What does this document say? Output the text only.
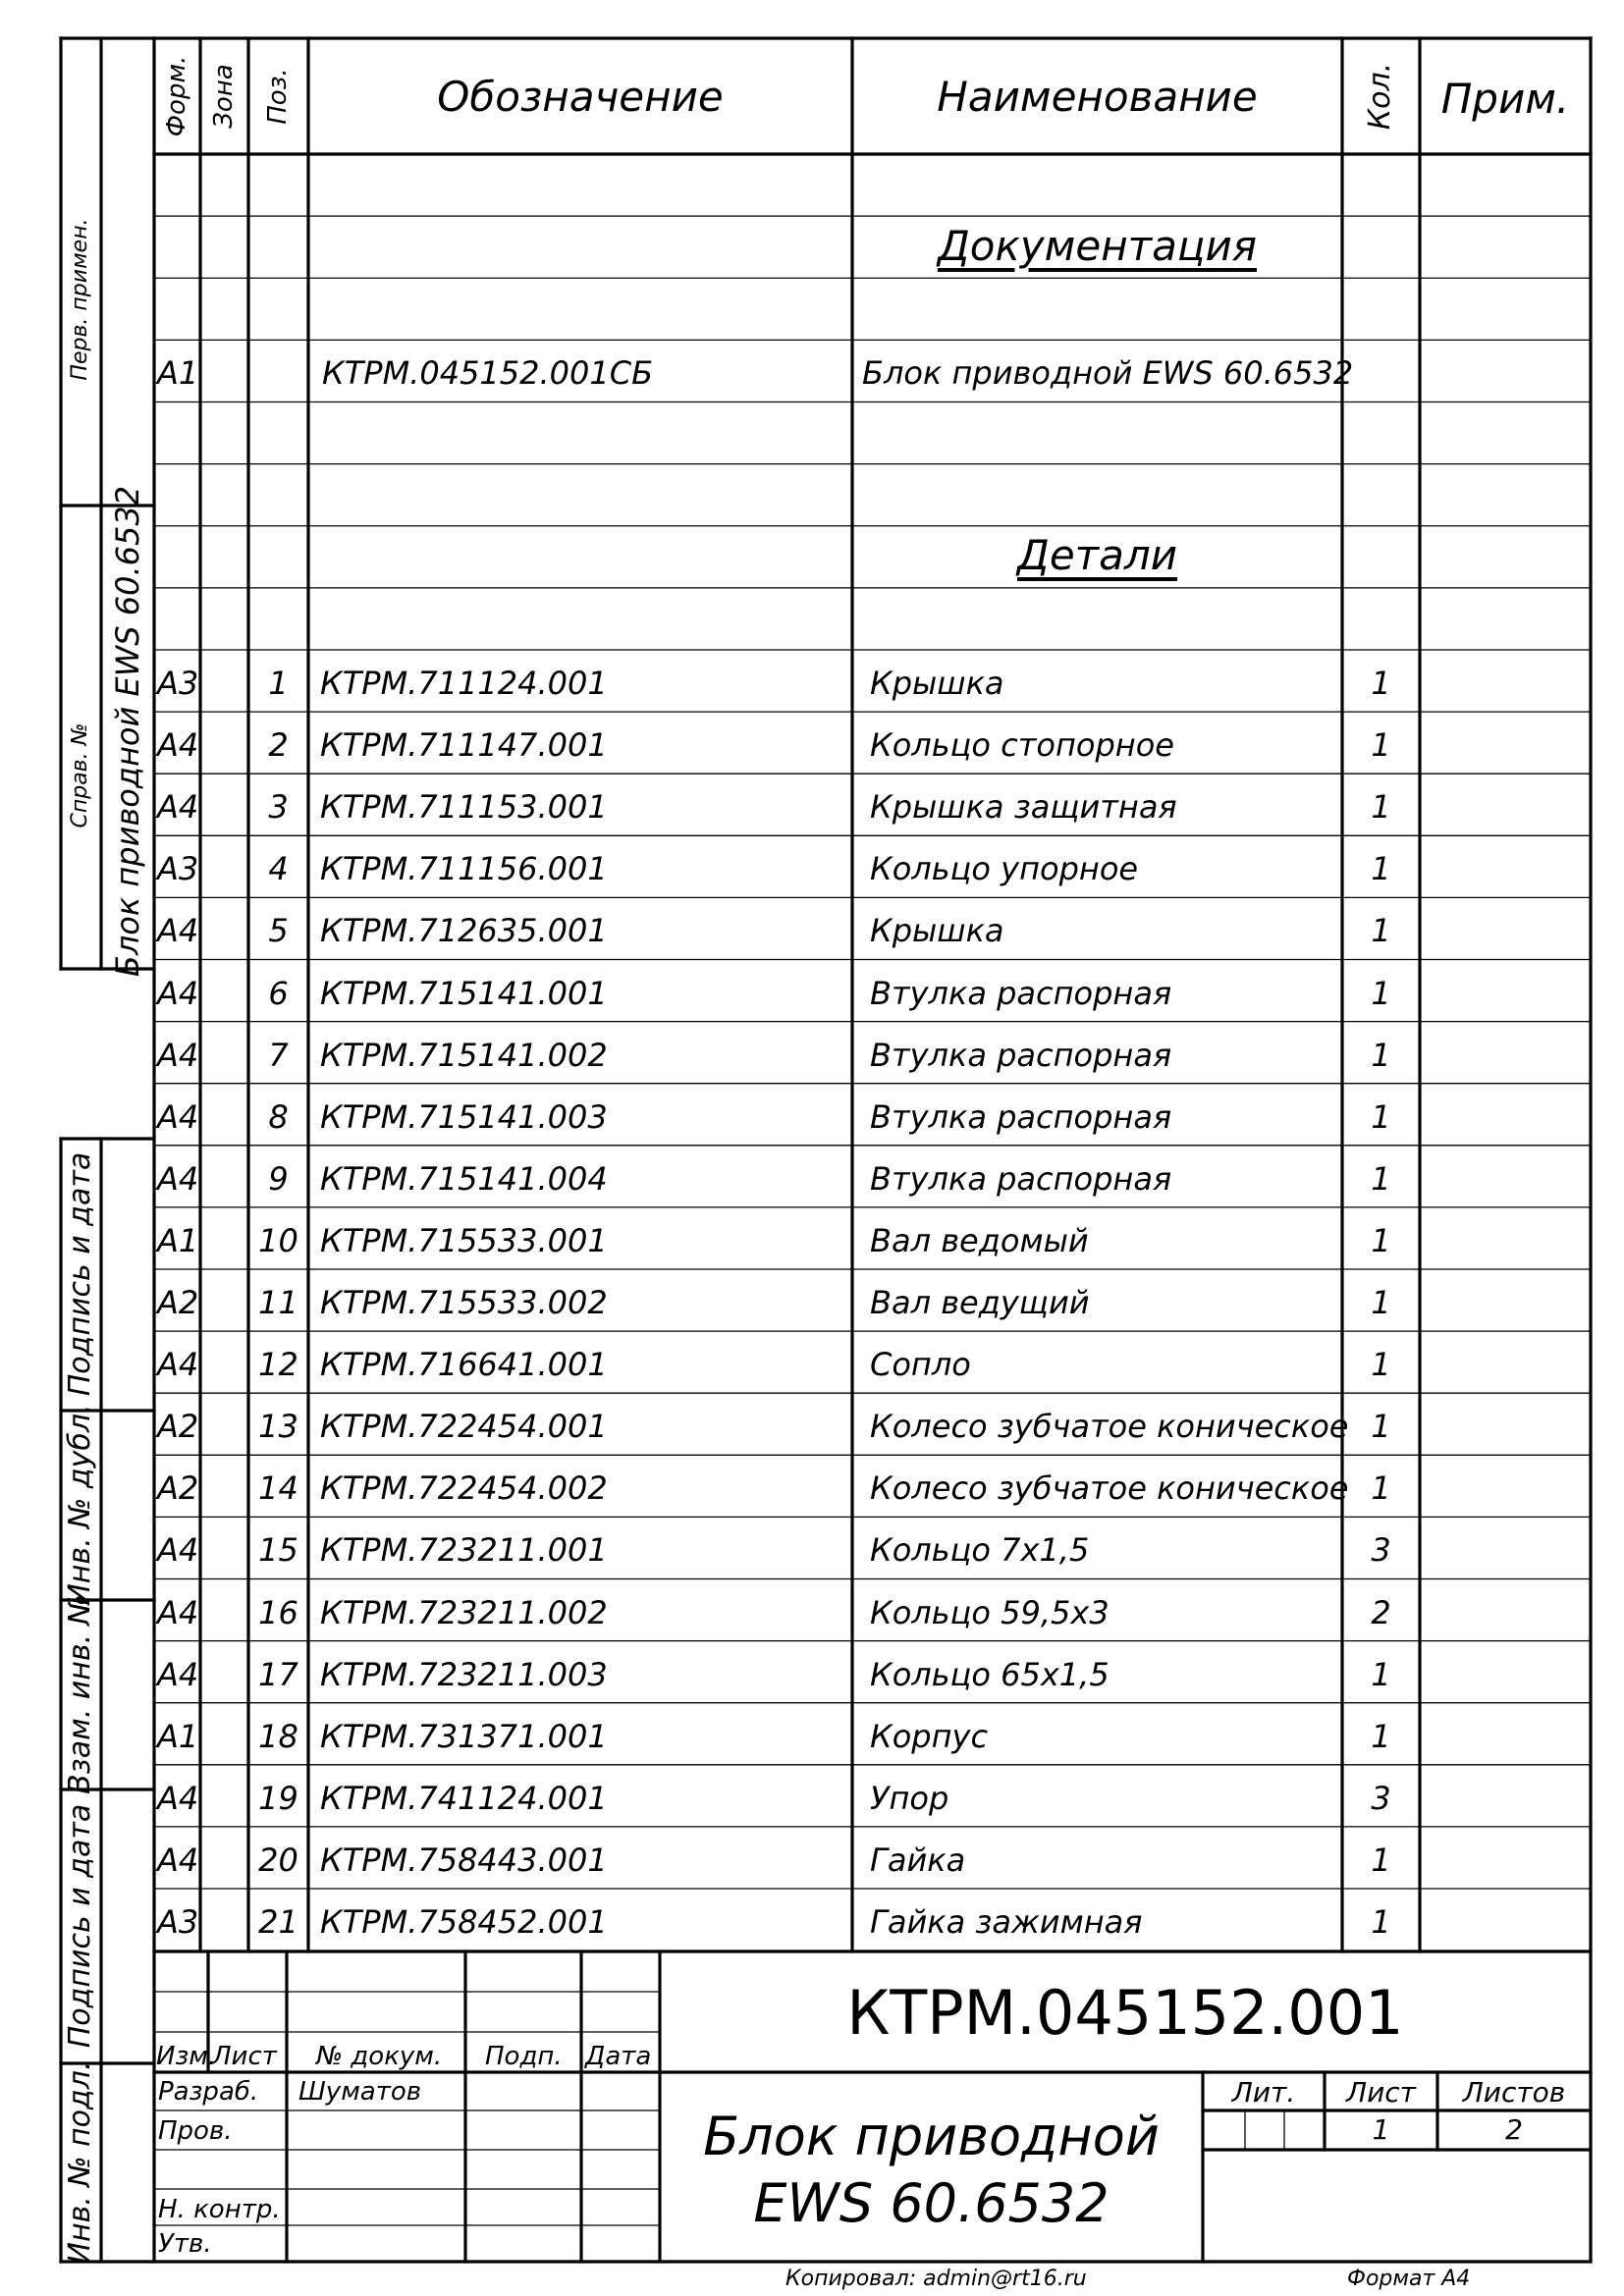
Перв. примен.
Справ. № Блок приводной EWS 60.6532
Подпись и дата
Инв. № дубл.
Взам. инв. №
Подпись и дата
Инв. № подл.
Форм. Зона Поз.	Обозначение	Наименование	Кол.	Прим.
Документация
Детали
А1	КТРМ.045152.001СБ	Блок приводной EWS 60.6532
А3	1	КТРМ.711124.001	Крышка	1
А4	2	КТРМ.711147.001	Кольцо стопорное	1
А4	3	КТРМ.711153.001	Крышка защитная	1
А3	4	КТРМ.711156.001	Кольцо упорное	1
А4	5	КТРМ.712635.001	Крышка	1
А4	6	КТРМ.715141.001	Втулка распорная	1
А4	7	КТРМ.715141.002	Втулка распорная	1
А4	8	КТРМ.715141.003	Втулка распорная	1
А4	9	КТРМ.715141.004	Втулка распорная	1
А1	10 КТРМ.715533.001	Вал ведомый	1
А2	11 КТРМ.715533.002	Вал ведущий	1
А4	12 КТРМ.716641.001	Сопло	1
А2	13 КТРМ.722454.001	Колесо зубчатое коническое 1
А2	14 КТРМ.722454.002	Колесо зубчатое коническое 1
А4	15 КТРМ.723211.001	Кольцо 7х1,5	3
А4	16 КТРМ.723211.002	Кольцо 59,5х3	2
А4	17 КТРМ.723211.003	Кольцо 65х1,5	1
А1	18 КТРМ.731371.001	Корпус	1
А4	19 КТРМ.741124.001	Упор	3
А4	20 КТРМ.758443.001	Гайка	1
А3	21 КТРМ.758452.001	Гайка зажимная	1
КТРМ.045152.001
Изм.
Лист № докум. Подп. Дата
Разраб. Шуматов
Пров.
Н. контр.
Утв.
Блок приводной
EWS 60.6532
Лит.	Лист	Листов
1	2
Копировал: admin@rt16.ru	Формат А4
